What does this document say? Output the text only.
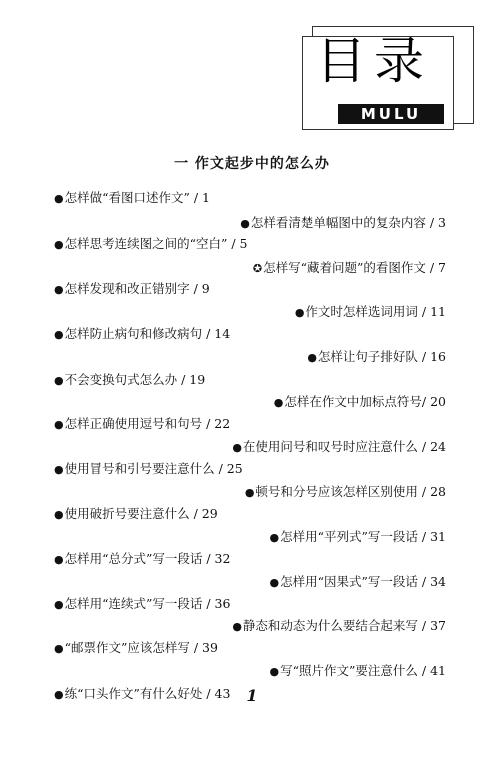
目录
MULU
一 作文起步中的怎么办
●怎样做“看图口述作文” / 1
●怎样看清楚单幅图中的复杂内容 / 3
●怎样思考连续图之间的“空白” / 5
✪怎样写“藏着问题”的看图作文 / 7
●怎样发现和改正错别字 / 9
●作文时怎样选词用词 / 11
●怎样防止病句和修改病句 / 14
●怎样让句子排好队 / 16
●不会变换句式怎么办 / 19
●怎样在作文中加标点符号/ 20
●怎样正确使用逗号和句号 / 22
●在使用问号和叹号时应注意什么 / 24
●使用冒号和引号要注意什么 / 25
●顿号和分号应该怎样区别使用 / 28
●使用破折号要注意什么 / 29
●怎样用“平列式”写一段话 / 31
●怎样用“总分式”写一段话 / 32
●怎样用“因果式”写一段话 / 34
●怎样用“连续式”写一段话 / 36
●静态和动态为什么要结合起来写 / 37
●“邮票作文”应该怎样写 / 39
●写“照片作文”要注意什么 / 41
●练“口头作文”有什么好处 / 43 1
